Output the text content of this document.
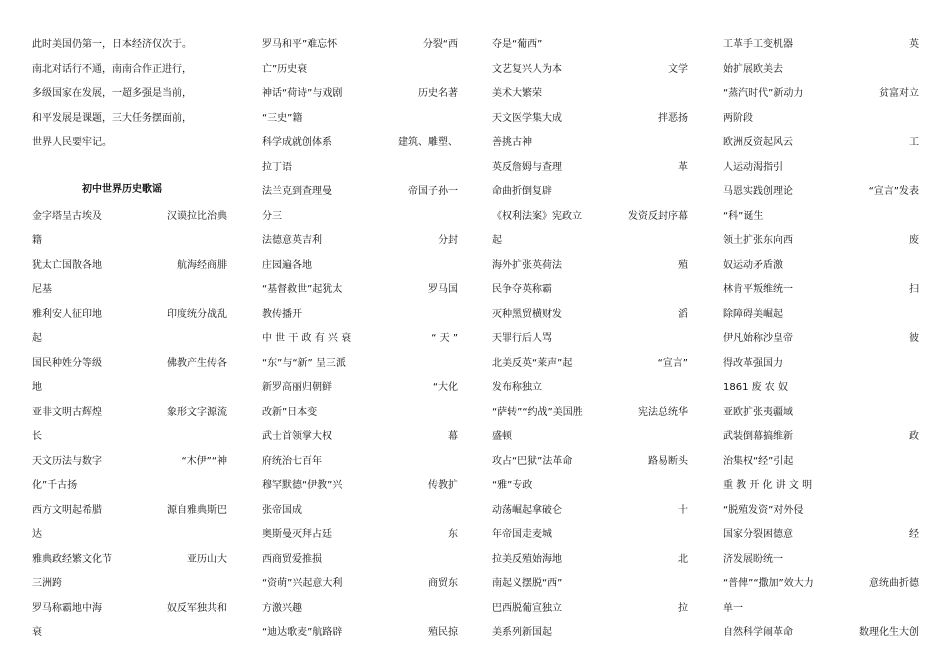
此时美国仍第一，日本经济仅次于。
南北对话行不通，南南合作正进行，
多级国家在发展，一超多强是当前，
和平发展是课题，三大任务摆面前，
世界人民要牢记。
金字塔呈古埃及	汉谟拉比治典
籍
犹太亡国散各地	航海经商腓
尼基
雅利安人征印地	印度统分战乱
起
国民种姓分等级	佛教产生传各
地
亚非文明古辉煌	象形文字源流
长
天文历法与数字	“木伊”“神
化”千古扬
西方文明起希腊	源自雅典斯巴
达
雅典政经繁文化节	亚历山大
三洲跨
罗马称霸地中海	奴反军独共和
衰
初中世界历史歌谣
罗马和平”难忘怀	分裂“西
亡”历史衰
神话“荷诗”与戏剧	历史名著
“三史”籍
科学成就创体系	建筑、雕塑、
拉丁语
法兰克到查理曼	帝国子孙一
分三
法德意英吉利	分封
庄园遍各地
“基督救世”起犹太	罗马国
教传播开
中 世 干 政 有 兴 衰	“ 天 ”
“东”与“新” 呈三派
新罗高丽归朝鲜	“大化
改新”日本变
武士首领掌大权	幕
府统治七百年
穆罕默德“伊教”兴	传教扩
张帝国成
奥斯曼灭拜占廷	东
西商贸爱推损
“资萌”兴起意大利	商贸东
方激兴趣
“迪达歌麦”航路辟	殖民掠
夺是“葡西”
文艺复兴人为本	文学
美术大繁荣
天文医学集大成	拌恶扬
善挑古神
英反詹姆与查理	革
命曲折倒复辟
《权利法案》宪政立	发资反封序幕
起
海外扩张英荷法	殖
民争夺英称霸
灭种黑贸横财发	滔
天罪行后人骂
北美反英“莱声”起	“宣言”
发布称独立
“萨转”“约战”美国胜	宪法总统华
盛顿
攻占“巴狱”法革命	路易断头
“雅”专政
动荡崛起拿破仑	十
年帝国走麦城
拉美反殖始海地	北
南起义摆脱“西”
巴西脱葡宣独立	拉
美系列新国起
工革手工变机器	英
始扩展欧美去
“蒸汽时代”新动力	贫富对立
两阶段
欧洲反资起风云	工
人运动渴指引
马恩实践创理论	“宣言”发表
“科”诞生
领土扩张东向西	废
奴运动矛盾激
林肯平叛维统一	扫
除障碍美崛起
伊凡始称沙皇帝	彼
得改革强国力
1861 废 农 奴
亚欧扩张夷疆域
武装倒幕搞维新	政
治集权“经”引起
重 教 开 化 讲 文 明
“脱殖发资”对外侵
国家分裂困德意	经
济发展盼统一
“普俾”“撒加”效大力	意统曲折德
单一
自然科学闹革命	数理化生大创
